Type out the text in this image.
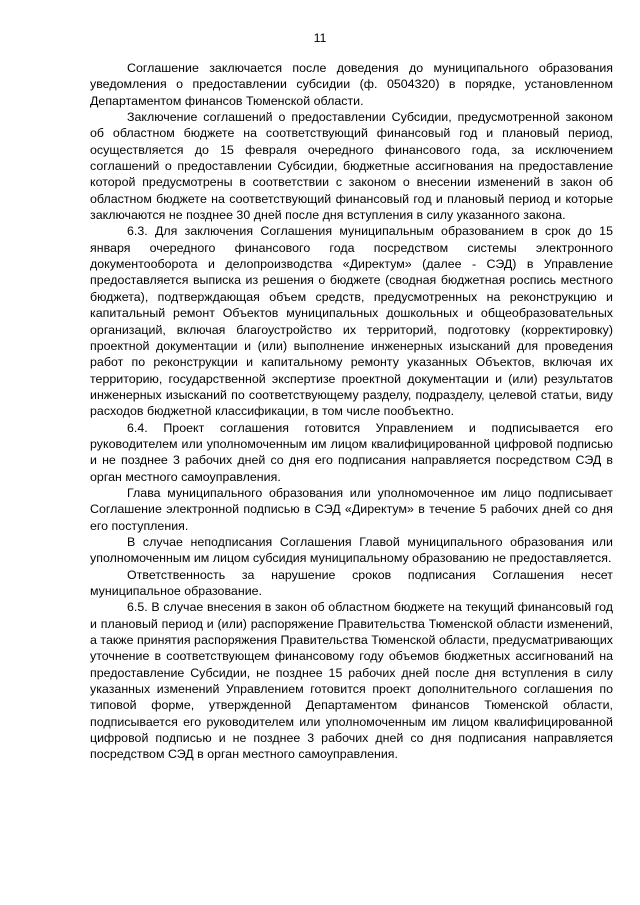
11

Соглашение заключается после доведения до муниципального образования уведомления о предоставлении субсидии (ф. 0504320) в порядке, установленном Департаментом финансов Тюменской области.

Заключение соглашений о предоставлении Субсидии, предусмотренной законом об областном бюджете на соответствующий финансовый год и плановый период, осуществляется до 15 февраля очередного финансового года, за исключением соглашений о предоставлении Субсидии, бюджетные ассигнования на предоставление которой предусмотрены в соответствии с законом о внесении изменений в закон об областном бюджете на соответствующий финансовый год и плановый период и которые заключаются не позднее 30 дней после дня вступления в силу указанного закона.

6.3. Для заключения Соглашения муниципальным образованием в срок до 15 января очередного финансового года посредством системы электронного документооборота и делопроизводства «Директум» (далее - СЭД) в Управление предоставляется выписка из решения о бюджете (сводная бюджетная роспись местного бюджета), подтверждающая объем средств, предусмотренных на реконструкцию и капитальный ремонт Объектов муниципальных дошкольных и общеобразовательных организаций, включая благоустройство их территорий, подготовку (корректировку) проектной документации и (или) выполнение инженерных изысканий для проведения работ по реконструкции и капитальному ремонту указанных Объектов, включая их территорию, государственной экспертизе проектной документации и (или) результатов инженерных изысканий по соответствующему разделу, подразделу, целевой статьи, виду расходов бюджетной классификации, в том числе пообъектно.

6.4. Проект соглашения готовится Управлением и подписывается его руководителем или уполномоченным им лицом квалифицированной цифровой подписью и не позднее 3 рабочих дней со дня его подписания направляется посредством СЭД в орган местного самоуправления.

Глава муниципального образования или уполномоченное им лицо подписывает Соглашение электронной подписью в СЭД «Директум» в течение 5 рабочих дней со дня его поступления.

В случае неподписания Соглашения Главой муниципального образования или уполномоченным им лицом субсидия муниципальному образованию не предоставляется.

Ответственность за нарушение сроков подписания Соглашения несет муниципальное образование.

6.5. В случае внесения в закон об областном бюджете на текущий финансовый год и плановый период и (или) распоряжение Правительства Тюменской области изменений, а также принятия распоряжения Правительства Тюменской области, предусматривающих уточнение в соответствующем финансовому году объемов бюджетных ассигнований на предоставление Субсидии, не позднее 15 рабочих дней после дня вступления в силу указанных изменений Управлением готовится проект дополнительного соглашения по типовой форме, утвержденной Департаментом финансов Тюменской области, подписывается его руководителем или уполномоченным им лицом квалифицированной цифровой подписью и не позднее 3 рабочих дней со дня подписания направляется посредством СЭД в орган местного самоуправления.
